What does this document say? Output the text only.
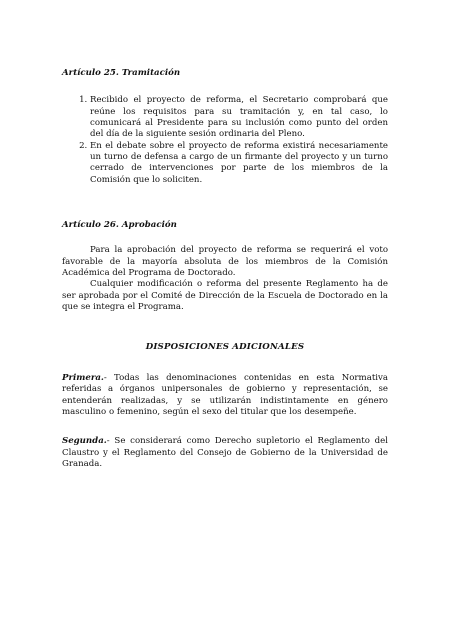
Artículo 25. Tramitación

1. Recibido el proyecto de reforma, el Secretario comprobará que reúne los requisitos para su tramitación y, en tal caso, lo comunicará al Presidente para su inclusión como punto del orden del día de la siguiente sesión ordinaria del Pleno.
2. En el debate sobre el proyecto de reforma existirá necesariamente un turno de defensa a cargo de un firmante del proyecto y un turno cerrado de intervenciones por parte de los miembros de la Comisión que lo soliciten.

Artículo 26. Aprobación

Para la aprobación del proyecto de reforma se requerirá el voto favorable de la mayoría absoluta de los miembros de la Comisión Académica del Programa de Doctorado.

Cualquier modificación o reforma del presente Reglamento ha de ser aprobada por el Comité de Dirección de la Escuela de Doctorado en la que se integra el Programa.

DISPOSICIONES ADICIONALES

Primera.- Todas las denominaciones contenidas en esta Normativa referidas a órganos unipersonales de gobierno y representación, se entenderán realizadas, y se utilizarán indistintamente en género masculino o femenino, según el sexo del titular que los desempeñe.

Segunda.- Se considerará como Derecho supletorio el Reglamento del Claustro y el Reglamento del Consejo de Gobierno de la Universidad de Granada.
